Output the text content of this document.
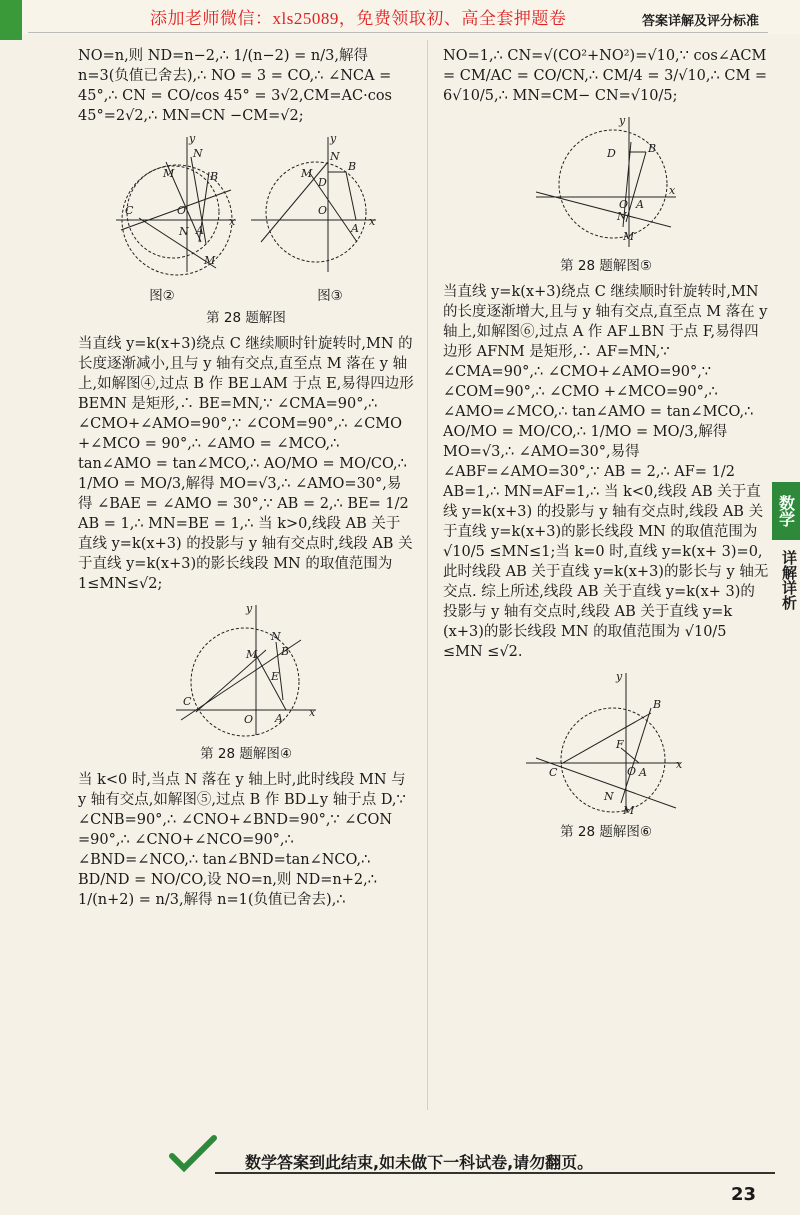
添加老师微信：xls25089，免费领取初、高全套押题卷	答案详解及评分标准

NO=n,则 ND=n−2,∴ 1/(n−2) = n/3,解得 n=3(负值已舍去),∴ NO = 3 = CO,∴ ∠NCA = 45°,∴ CN = CO/cos 45° = 3√2,CM=AC·cos 45°=2√2,∴ MN=CN −CM=√2;

y
x
C	O
A
B
M
N
N
M
y
x
O
A
B
M
N
D
图②	图③
第 28 题解图

当直线 y=k(x+3)绕点 C 继续顺时针旋转时,MN 的长度逐渐减小,且与 y 轴有交点,直至点 M 落在 y 轴上,如解图④,过点 B 作 BE⊥AM 于点 E,易得四边形 BEMN 是矩形,∴ BE=MN,∵ ∠CMA=90°,∴ ∠CMO+∠AMO=90°,∵ ∠COM=90°,∴ ∠CMO +∠MCO = 90°,∴ ∠AMO = ∠MCO,∴ tan∠AMO = tan∠MCO,∴ AO/MO = MO/CO,∴ 1/MO = MO/3,解得 MO=√3,∴ ∠AMO=30°,易得 ∠BAE = ∠AMO = 30°,∵ AB = 2,∴ BE= 1/2 AB = 1,∴ MN=BE = 1,∴ 当 k>0,线段 AB 关于直线 y=k(x+3) 的投影与 y 轴有交点时,线段 AB 关于直线 y=k(x+3)的影长线段 MN 的取值范围为 1≤MN≤√2;

y
x
C
O A
B
M
N
E
第 28 题解图④

当 k<0 时,当点 N 落在 y 轴上时,此时线段 MN 与 y 轴有交点,如解图⑤,过点 B 作 BD⊥y 轴于点 D,∵ ∠CNB=90°,∴ ∠CNO+∠BND=90°,∵ ∠CON =90°,∴ ∠CNO+∠NCO=90°,∴ ∠BND=∠NCO,∴ tan∠BND=tan∠NCO,∴ BD/ND = NO/CO,设 NO=n,则 ND=n+2,∴ 1/(n+2) = n/3,解得 n=1(负值已舍去),∴

NO=1,∴ CN=√(CO²+NO²)=√10,∵ cos∠ACM = CM/AC = CO/CN,∴ CM/4 = 3/√10,∴ CM = 6√10/5,∴ MN=CM− CN=√10/5;

y
x
O A
B
D
N
M
第 28 题解图⑤

当直线 y=k(x+3)绕点 C 继续顺时针旋转时,MN 的长度逐渐增大,且与 y 轴有交点,直至点 M 落在 y 轴上,如解图⑥,过点 A 作 AF⊥BN 于点 F,易得四边形 AFNM 是矩形,∴ AF=MN,∵ ∠CMA=90°,∴ ∠CMO+∠AMO=90°,∵ ∠COM=90°,∴ ∠CMO +∠MCO=90°,∴ ∠AMO=∠MCO,∴ tan∠AMO = tan∠MCO,∴ AO/MO = MO/CO,∴ 1/MO = MO/3,解得 MO=√3,∴ ∠AMO=30°,易得 ∠ABF=∠AMO=30°,∵ AB = 2,∴ AF= 1/2 AB=1,∴ MN=AF=1,∴ 当 k<0,线段 AB 关于直线 y=k(x+3) 的投影与 y 轴有交点时,线段 AB 关于直线 y=k(x+3)的影长线段 MN 的取值范围为 √10/5 ≤MN≤1;当 k=0 时,直线 y=k(x+ 3)=0,此时线段 AB 关于直线 y=k(x+3)的影长与 y 轴无交点. 综上所述,线段 AB 关于直线 y=k(x+ 3)的投影与 y 轴有交点时,线段 AB 关于直线 y=k (x+3)的影长线段 MN 的取值范围为 √10/5 ≤MN ≤√2.

y
x
C	O A
B
F
N
M
第 28 题解图⑥
数学
详解详析
数学答案到此结束,如未做下一科试卷,请勿翻页。
23
